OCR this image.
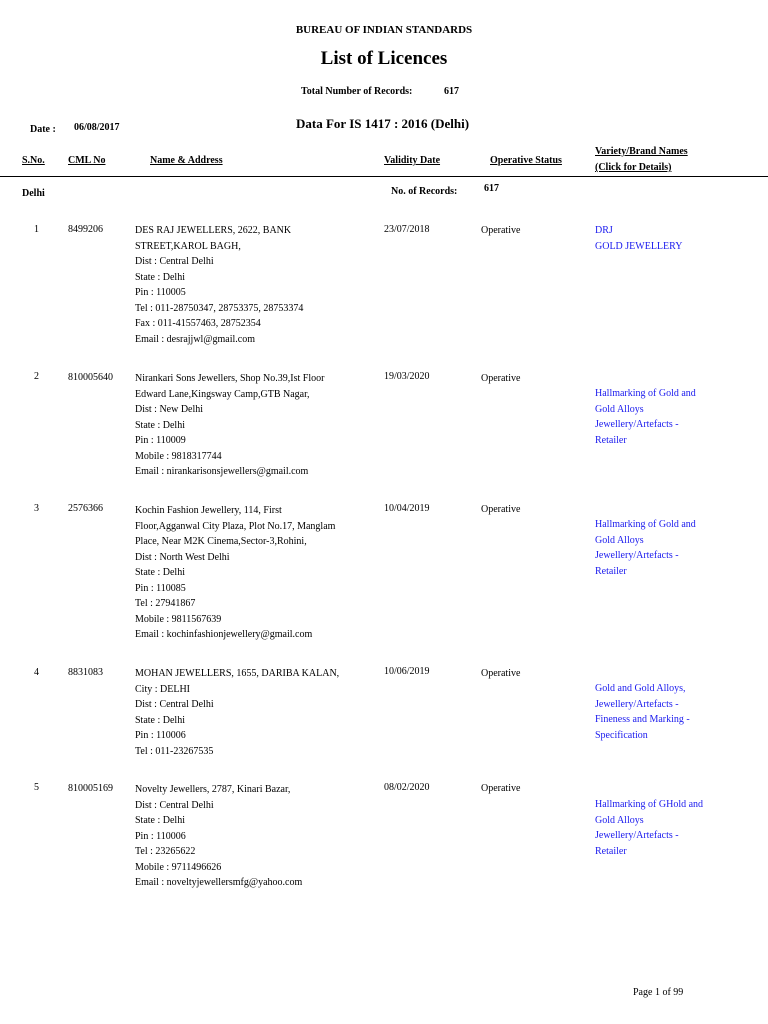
BUREAU OF INDIAN STANDARDS
List of Licences
Total Number of Records:	617
Date : 06/08/2017	Data For IS 1417 : 2016 (Delhi)
S.No. CML No	Name & Address	Validity Date	Operative Status
Variety/Brand Names
(Click for Details)
Delhi	No. of Records:	617
1	8499206	DES RAJ JEWELLERS, 2622, BANK
STREET,KAROL BAGH,
Dist : Central Delhi
State : Delhi
Pin : 110005
Tel : 011-28750347, 28753375, 28753374
Fax : 011-41557463, 28752354
Email : desrajjwl@gmail.com
23/07/2018	Operative	DRJ
GOLD JEWELLERY
2	810005640 Nirankari Sons Jewellers, Shop No.39,Ist Floor
Edward Lane,Kingsway Camp,GTB Nagar,
Dist : New Delhi
State : Delhi
Pin : 110009
Mobile : 9818317744
Email : nirankarisonsjewellers@gmail.com
19/03/2020	Operative
Hallmarking of Gold and
Gold Alloys
Jewellery/Artefacts -
Retailer
3	2576366	Kochin Fashion Jewellery, 114, First
Floor,Agganwal City Plaza, Plot No.17, Manglam
Place, Near M2K Cinema,Sector-3,Rohini,
Dist : North West Delhi
State : Delhi
Pin : 110085
Tel : 27941867
Mobile : 9811567639
Email : kochinfashionjewellery@gmail.com
10/04/2019	Operative
Hallmarking of Gold and
Gold Alloys
Jewellery/Artefacts -
Retailer
4	8831083	MOHAN JEWELLERS, 1655, DARIBA KALAN,
City : DELHI
Dist : Central Delhi
State : Delhi
Pin : 110006
Tel : 011-23267535
10/06/2019	Operative
Gold and Gold Alloys,
Jewellery/Artefacts -
Fineness and Marking -
Specification
5	810005169 Novelty Jewellers, 2787, Kinari Bazar,
Dist : Central Delhi
State : Delhi
Pin : 110006
Tel : 23265622
Mobile : 9711496626
Email : noveltyjewellersmfg@yahoo.com
08/02/2020	Operative
Hallmarking of GHold and
Gold Alloys
Jewellery/Artefacts -
Retailer
Page 1 of 99
